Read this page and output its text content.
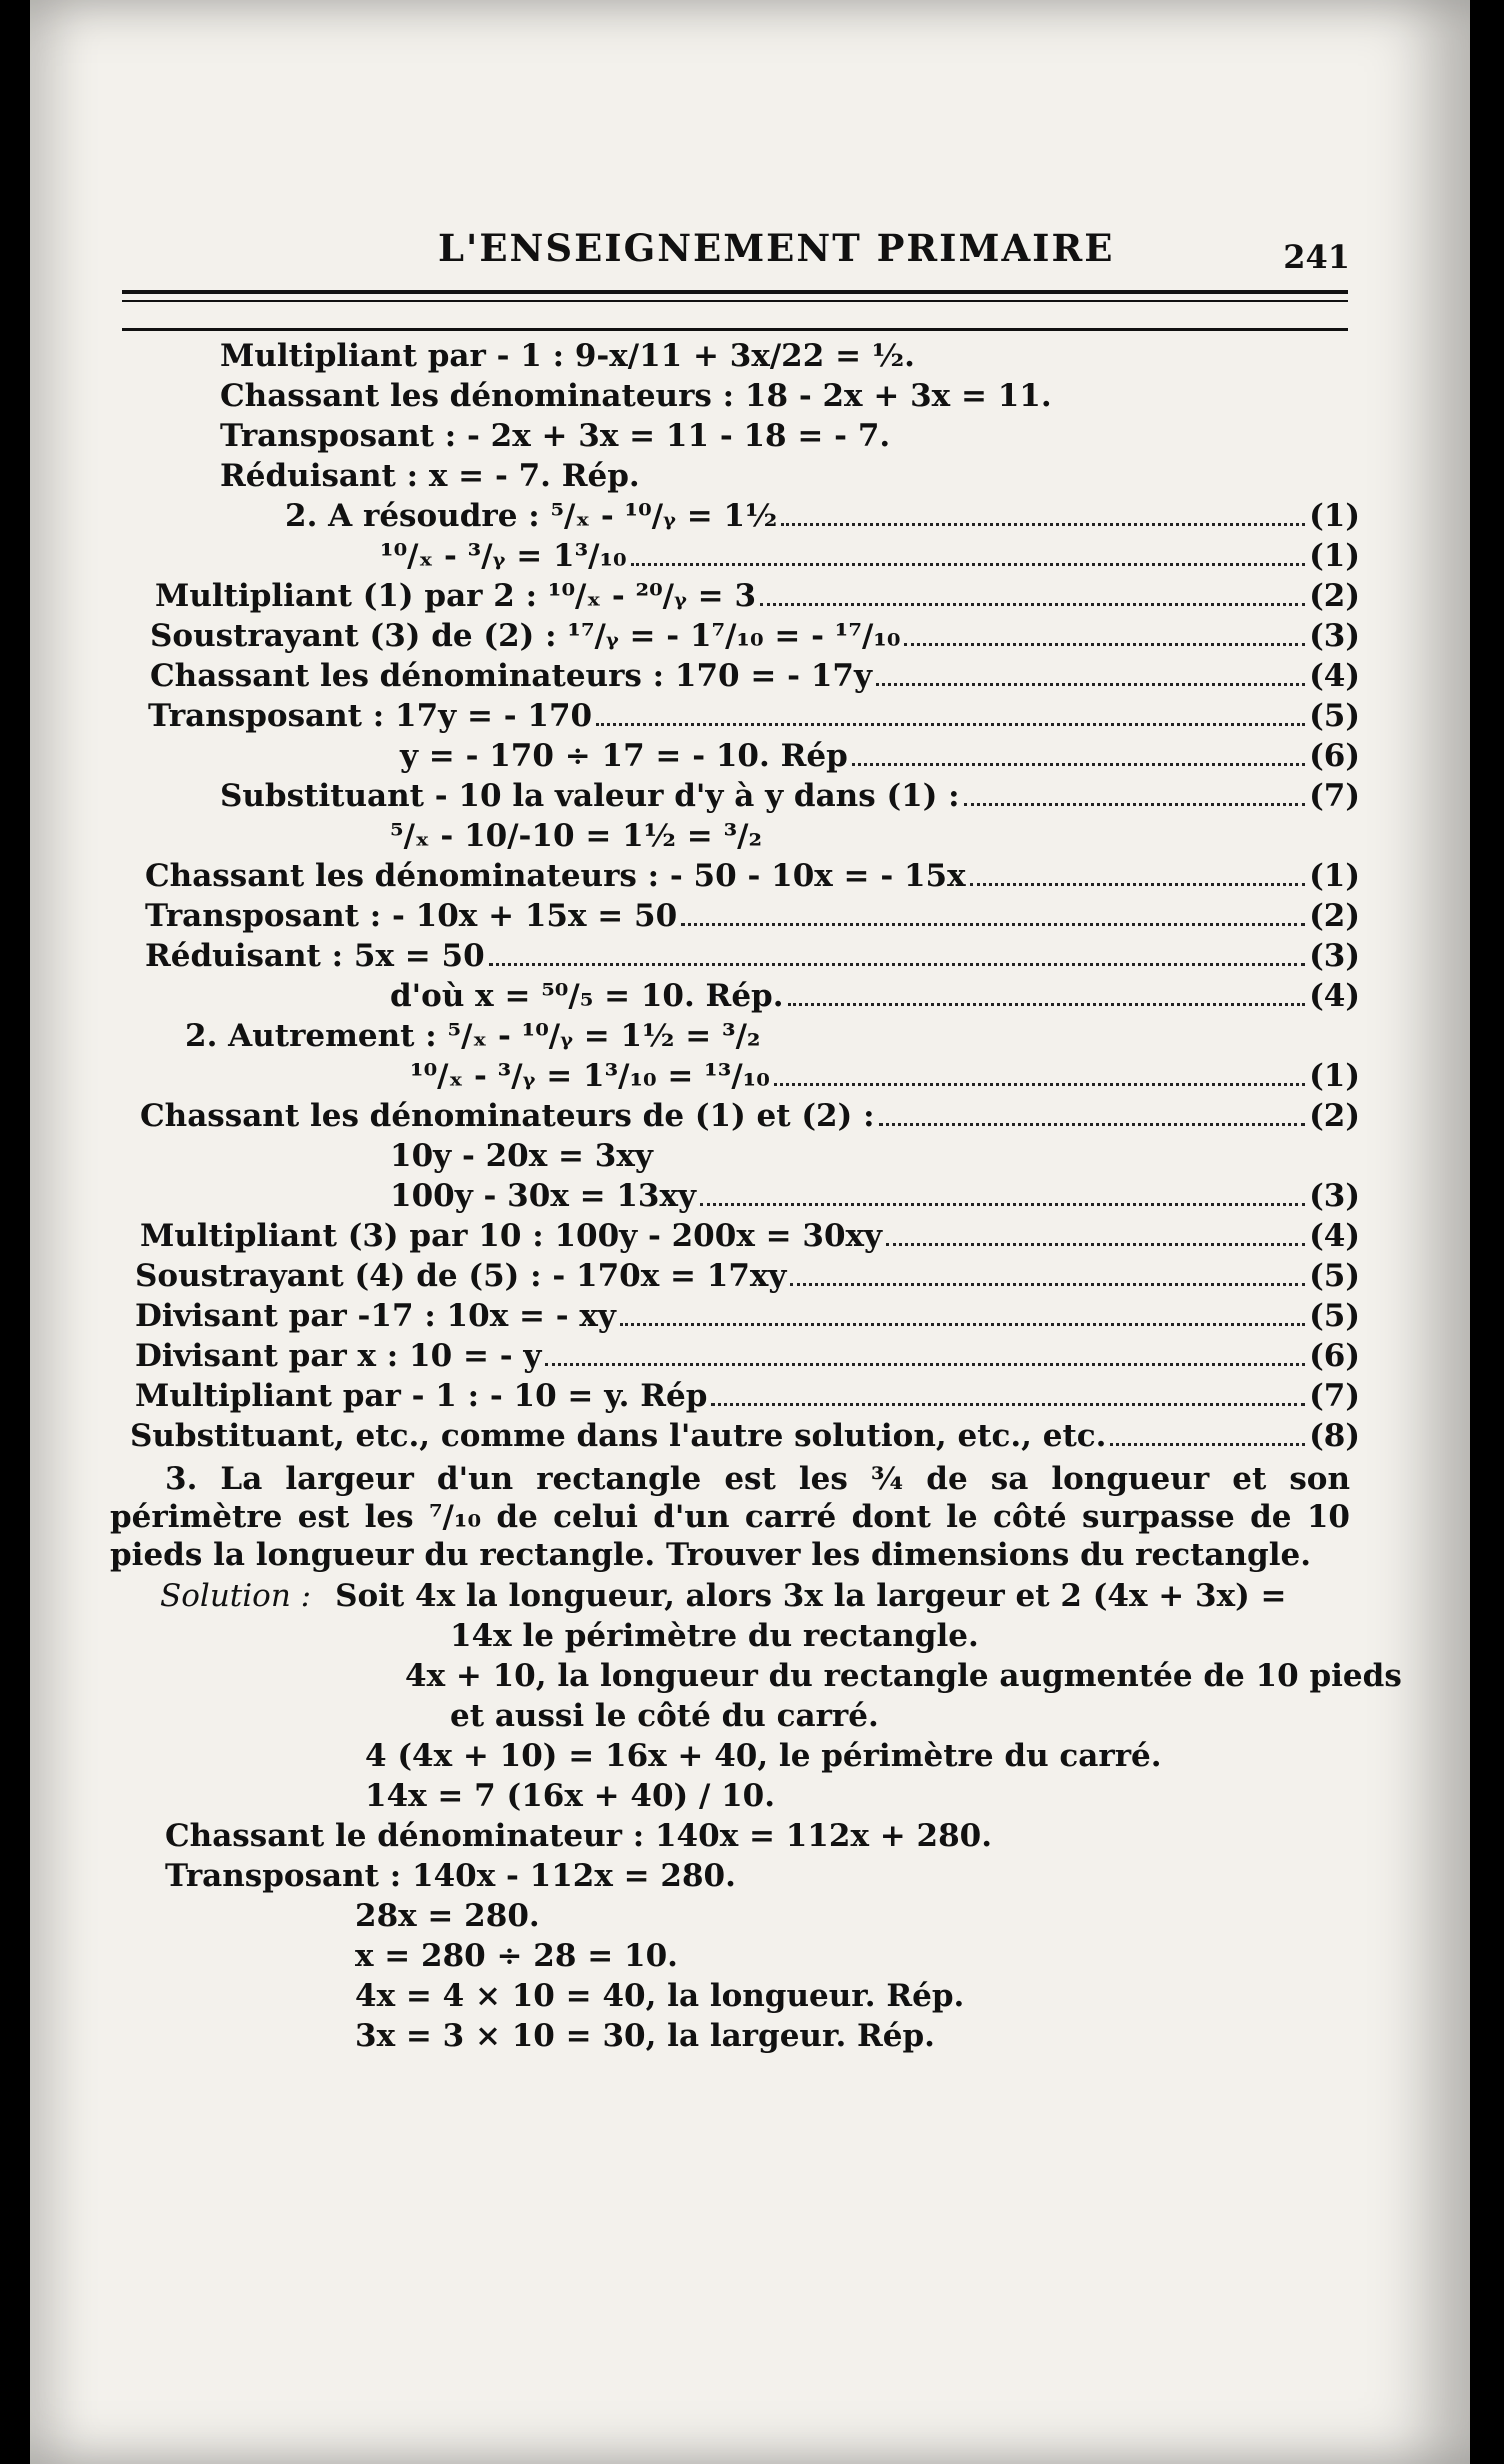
L'ENSEIGNEMENT PRIMAIRE	241
Multipliant par - 1 : 9-x/11 + 3x/22 = ½.
Chassant les dénominateurs : 18 - 2x + 3x = 11.
Transposant : - 2x + 3x = 11 - 18 = - 7.
Réduisant : x = - 7. Rép.
2. A résoudre : ⁵/ₓ - ¹⁰/ᵧ = 1½	(1)
¹⁰/ₓ - ³/ᵧ = 1³/₁₀	(1)
Multipliant (1) par 2 : ¹⁰/ₓ - ²⁰/ᵧ = 3	(2)
Soustrayant (3) de (2) : ¹⁷/ᵧ = - 1⁷/₁₀ = - ¹⁷/₁₀	(3)
Chassant les dénominateurs : 170 = - 17y	(4)
Transposant : 17y = - 170	(5)
y = - 170 ÷ 17 = - 10. Rép	(6)
Substituant - 10 la valeur d'y à y dans (1) :	(7)
⁵/ₓ - 10/-10 = 1½ = ³/₂
Chassant les dénominateurs : - 50 - 10x = - 15x	(1)
Transposant : - 10x + 15x = 50	(2)
Réduisant : 5x = 50	(3)
d'où x = ⁵⁰/₅ = 10. Rép.	(4)
2. Autrement : ⁵/ₓ - ¹⁰/ᵧ = 1½ = ³/₂
¹⁰/ₓ - ³/ᵧ = 1³/₁₀ = ¹³/₁₀	(1)
Chassant les dénominateurs de (1) et (2) :	(2)
10y - 20x = 3xy
100y - 30x = 13xy	(3)
Multipliant (3) par 10 : 100y - 200x = 30xy	(4)
Soustrayant (4) de (5) : - 170x = 17xy	(5)
Divisant par -17 : 10x = - xy	(5)
Divisant par x : 10 = - y	(6)
Multipliant par - 1 : - 10 = y. Rép	(7)
Substituant, etc., comme dans l'autre solution, etc., etc.	(8)
3. La largeur d'un rectangle est les ¾ de sa longueur et son périmètre est les ⁷/₁₀ de celui d'un carré dont le côté surpasse de 10 pieds la longueur du rectangle. Trouver les dimensions du rectangle.
Solution : Soit 4x la longueur, alors 3x la largeur et 2 (4x + 3x) =
14x le périmètre du rectangle.
4x + 10, la longueur du rectangle augmentée de 10 pieds
et aussi le côté du carré.
4 (4x + 10) = 16x + 40, le périmètre du carré.
14x = 7 (16x + 40) / 10.
Chassant le dénominateur : 140x = 112x + 280.
Transposant : 140x - 112x = 280.
28x = 280.
x = 280 ÷ 28 = 10.
4x = 4 × 10 = 40, la longueur. Rép.
3x = 3 × 10 = 30, la largeur. Rép.
